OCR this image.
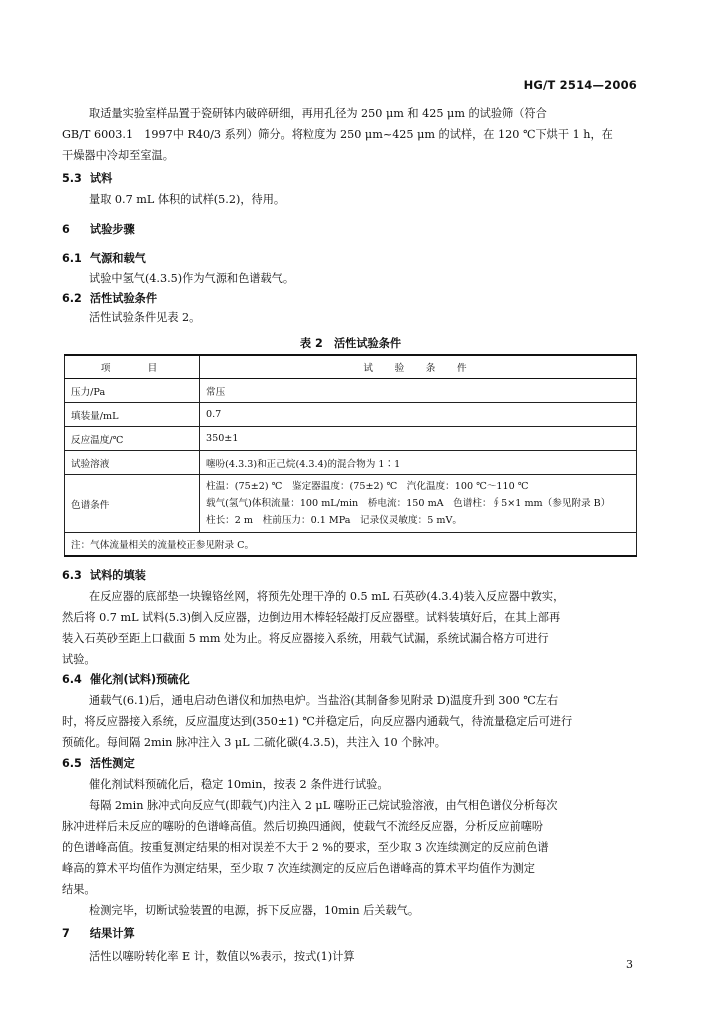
HG/T 2514—2006
取适量实验室样品置于瓷研钵内破碎研细，再用孔径为 250 μm 和 425 μm 的试验筛（符合
GB/T 6003.1　1997中 R40/3 系列）筛分。将粒度为 250 μm~425 μm 的试样，在 120 ℃下烘干 1 h，在
干燥器中冷却至室温。
5.3 试料
量取 0.7 mL 体积的试样(5.2)，待用。
6 试验步骤
6.1 气源和载气
试验中氢气(4.3.5)作为气源和色谱载气。
6.2 活性试验条件
活性试验条件见表 2。
表 2　活性试验条件
项　　目	试　验　条　件
压力/Pa	常压
填装量/mL	0.7
反应温度/℃	350±1
试验溶液	噻吩(4.3.3)和正己烷(4.3.4)的混合物为 1∶1
色谱条件	柱温：(75±2) ℃　鉴定器温度：(75±2) ℃　汽化温度：100 ℃～110 ℃
载气(氢气)体积流量：100 mL/min　桥电流：150 mA　色谱柱：∮5×1 mm（参见附录 B）
柱长：2 m　柱前压力：0.1 MPa　记录仪灵敏度：5 mV。

注：气体流量相关的流量校正参见附录 C。	
6.3 试料的填装
在反应器的底部垫一块镍铬丝网，将预先处理干净的 0.5 mL 石英砂(4.3.4)装入反应器中敦实，
然后将 0.7 mL 试料(5.3)倒入反应器，边倒边用木棒轻轻敲打反应器壁。试料装填好后，在其上部再
装入石英砂至距上口截面 5 mm 处为止。将反应器接入系统，用载气试漏，系统试漏合格方可进行
试验。
6.4 催化剂(试料)预硫化
通载气(6.1)后，通电启动色谱仪和加热电炉。当盐浴(其制备参见附录 D)温度升到 300 ℃左右
时，将反应器接入系统，反应温度达到(350±1) ℃并稳定后，向反应器内通载气，待流量稳定后可进行
预硫化。每间隔 2min 脉冲注入 3 μL 二硫化碳(4.3.5)，共注入 10 个脉冲。
6.5 活性测定
催化剂试料预硫化后，稳定 10min，按表 2 条件进行试验。
每隔 2min 脉冲式向反应气(即载气)内注入 2 μL 噻吩正己烷试验溶液，由气相色谱仪分析每次
脉冲进样后未反应的噻吩的色谱峰高值。然后切换四通阀，使载气不流经反应器，分析反应前噻吩
的色谱峰高值。按重复测定结果的相对误差不大于 2 %的要求，至少取 3 次连续测定的反应前色谱
峰高的算术平均值作为测定结果，至少取 7 次连续测定的反应后色谱峰高的算术平均值作为测定
结果。
检测完毕，切断试验装置的电源，拆下反应器，10min 后关载气。
7 结果计算
活性以噻吩转化率 E 计，数值以%表示，按式(1)计算
3
